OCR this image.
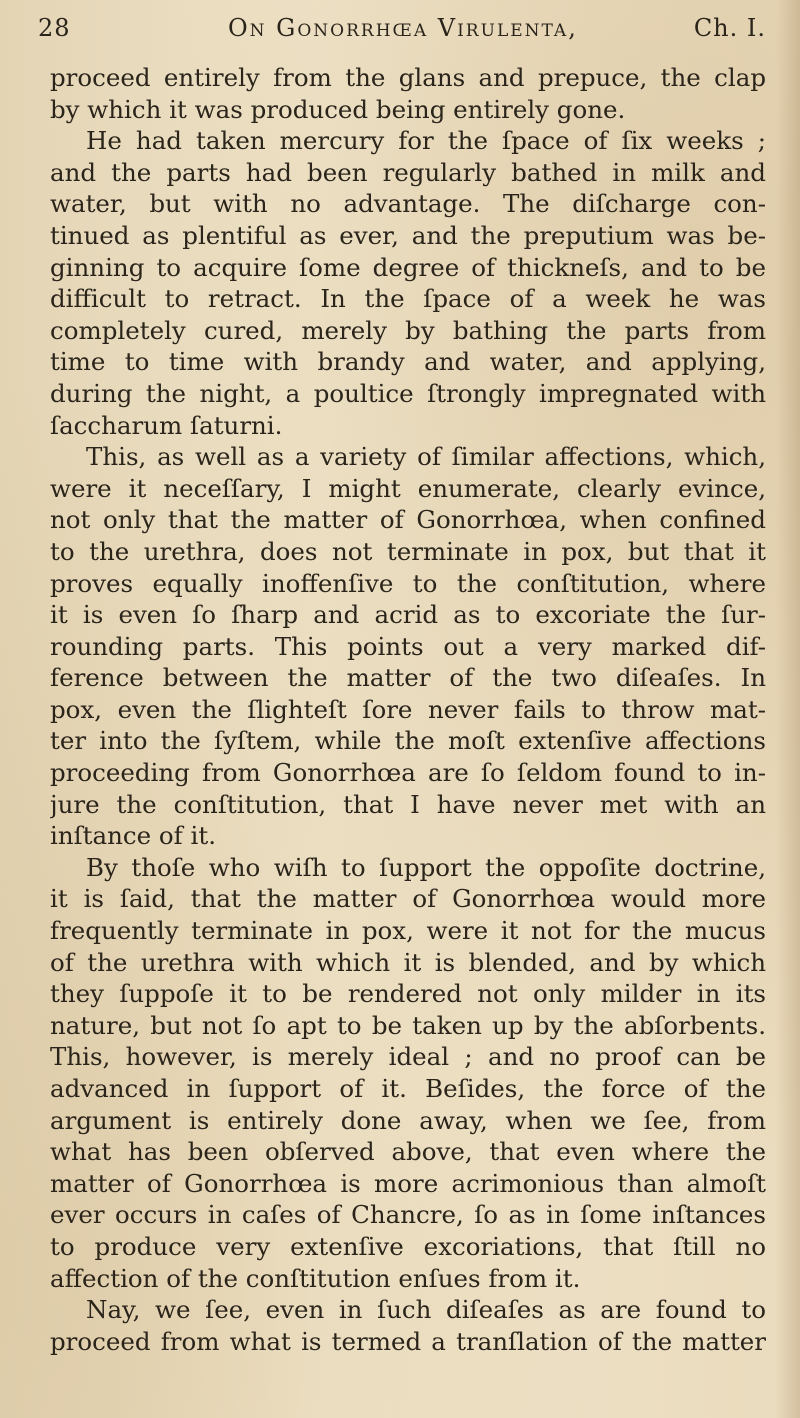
28	On Gonorrhœa Virulenta,	Ch. I.
proceed entirely from the glans and prepuce, the clap
by which it was produced being entirely gone.
He had taken mercury for the ſpace of ſix weeks ;
and the parts had been regularly bathed in milk and
water, but with no advantage. The diſcharge con-
tinued as plentiful as ever, and the preputium was be-
ginning to acquire ſome degree of thickneſs, and to be
difficult to retract. In the ſpace of a week he was
completely cured, merely by bathing the parts from
time to time with brandy and water, and applying,
during the night, a poultice ſtrongly impregnated with
ſaccharum ſaturni.
This, as well as a variety of ſimilar affections, which,
were it neceſſary, I might enumerate, clearly evince,
not only that the matter of Gonorrhœa, when confined
to the urethra, does not terminate in pox, but that it
proves equally inoffenſive to the conſtitution, where
it is even ſo ſharp and acrid as to excoriate the ſur-
rounding parts. This points out a very marked dif-
ference between the matter of the two diſeaſes. In
pox, even the ſlighteſt ſore never fails to throw mat-
ter into the ſyſtem, while the moſt extenſive affections
proceeding from Gonorrhœa are ſo ſeldom found to in-
jure the conſtitution, that I have never met with an
inſtance of it.
By thoſe who wiſh to ſupport the oppoſite doctrine,
it is ſaid, that the matter of Gonorrhœa would more
frequently terminate in pox, were it not for the mucus
of the urethra with which it is blended, and by which
they ſuppoſe it to be rendered not only milder in its
nature, but not ſo apt to be taken up by the abſorbents.
This, however, is merely ideal ; and no proof can be
advanced in ſupport of it. Beſides, the force of the
argument is entirely done away, when we ſee, from
what has been obſerved above, that even where the
matter of Gonorrhœa is more acrimonious than almoſt
ever occurs in caſes of Chancre, ſo as in ſome inſtances
to produce very extenſive excoriations, that ſtill no
affection of the conſtitution enſues from it.
Nay, we ſee, even in ſuch diſeaſes as are found to
proceed from what is termed a tranſlation of the matter
